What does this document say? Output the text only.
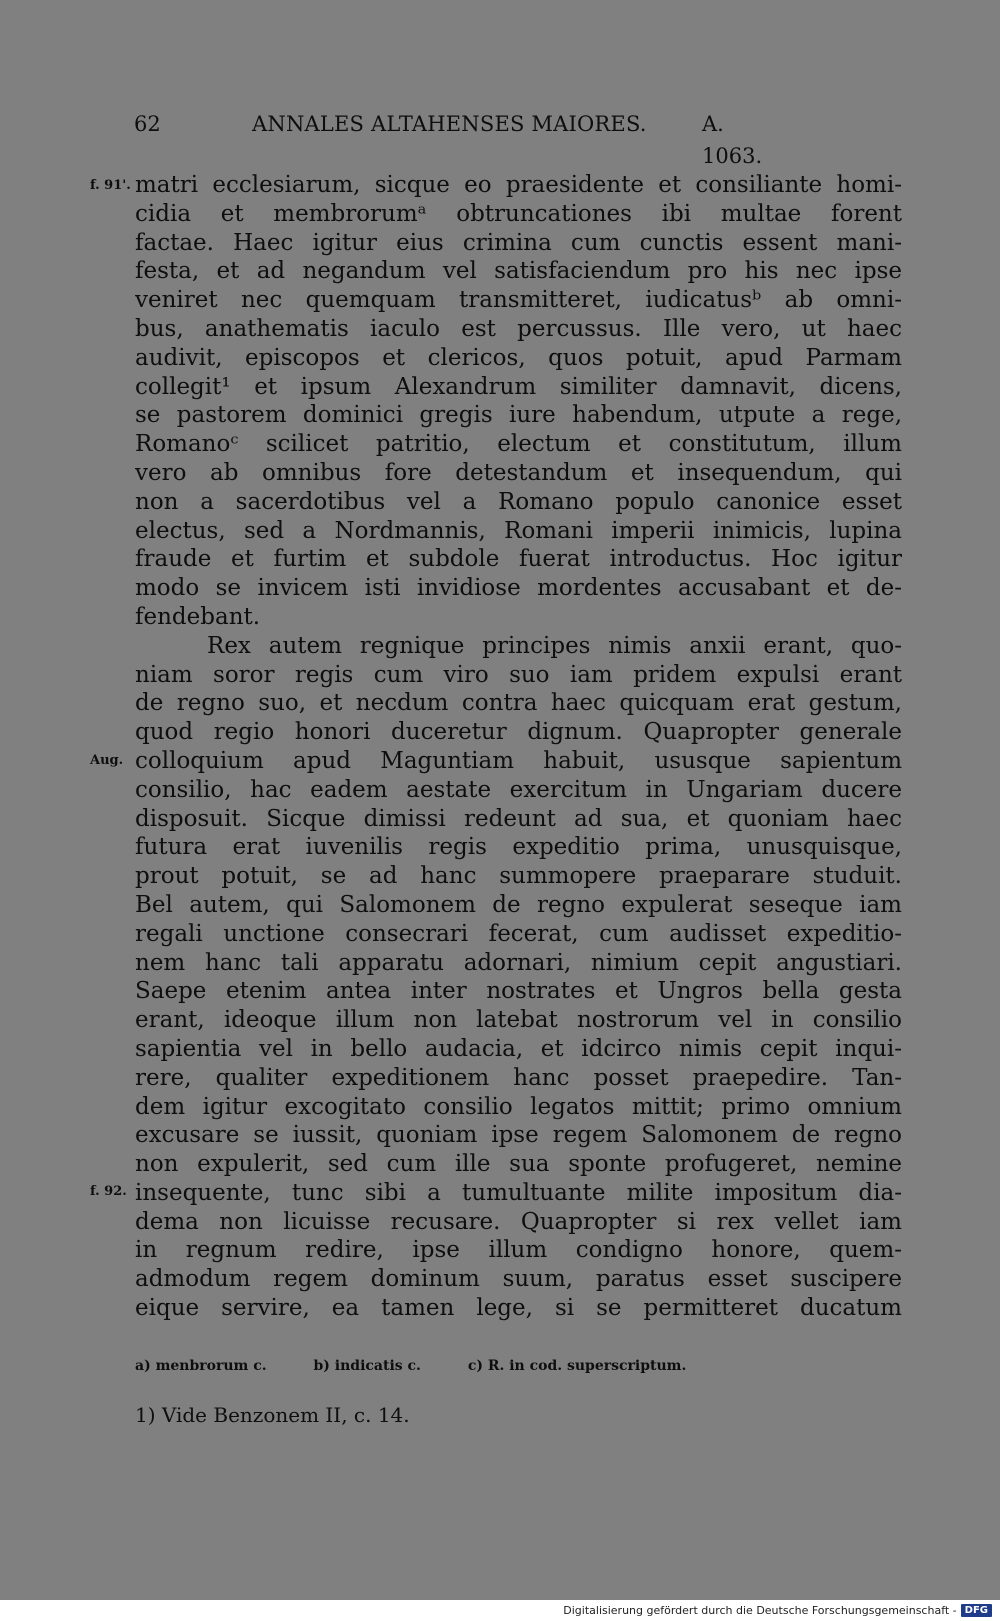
62	ANNALES ALTAHENSES MAIORES.	A. 1063.
f. 91'.
Aug.
f. 92.
matri ecclesiarum, sicque eo praesidente et consiliante homi-
cidia et membrorumᵃ obtruncationes ibi multae forent
factae. Haec igitur eius crimina cum cunctis essent mani-
festa, et ad negandum vel satisfaciendum pro his nec ipse
veniret nec quemquam transmitteret, iudicatusᵇ ab omni-
bus, anathematis iaculo est percussus. Ille vero, ut haec
audivit, episcopos et clericos, quos potuit, apud Parmam
collegit¹ et ipsum Alexandrum similiter damnavit, dicens,
se pastorem dominici gregis iure habendum, utpute a rege,
Romanoᶜ scilicet patritio, electum et constitutum, illum
vero ab omnibus fore detestandum et insequendum, qui
non a sacerdotibus vel a Romano populo canonice esset
electus, sed a Nordmannis, Romani imperii inimicis, lupina
fraude et furtim et subdole fuerat introductus. Hoc igitur
modo se invicem isti invidiose mordentes accusabant et de-
fendebant.
Rex autem regnique principes nimis anxii erant, quo-
niam soror regis cum viro suo iam pridem expulsi erant
de regno suo, et necdum contra haec quicquam erat gestum,
quod regio honori duceretur dignum. Quapropter generale
colloquium apud Maguntiam habuit, ususque sapientum
consilio, hac eadem aestate exercitum in Ungariam ducere
disposuit. Sicque dimissi redeunt ad sua, et quoniam haec
futura erat iuvenilis regis expeditio prima, unusquisque,
prout potuit, se ad hanc summopere praeparare studuit.
Bel autem, qui Salomonem de regno expulerat seseque iam
regali unctione consecrari fecerat, cum audisset expeditio-
nem hanc tali apparatu adornari, nimium cepit angustiari.
Saepe etenim antea inter nostrates et Ungros bella gesta
erant, ideoque illum non latebat nostrorum vel in consilio
sapientia vel in bello audacia, et idcirco nimis cepit inqui-
rere, qualiter expeditionem hanc posset praepedire. Tan-
dem igitur excogitato consilio legatos mittit; primo omnium
excusare se iussit, quoniam ipse regem Salomonem de regno
non expulerit, sed cum ille sua sponte profugeret, nemine
insequente, tunc sibi a tumultuante milite impositum dia-
dema non licuisse recusare. Quapropter si rex vellet iam
in regnum redire, ipse illum condigno honore, quem-
admodum regem dominum suum, paratus esset suscipere
eique servire, ea tamen lege, si se permitteret ducatum
a) menbrorum c.	b) indicatis c.	c) R. in cod. superscriptum.
1) Vide Benzonem II, c. 14.
Digitalisierung gefördert durch die Deutsche Forschungsgemeinschaft - DFG
